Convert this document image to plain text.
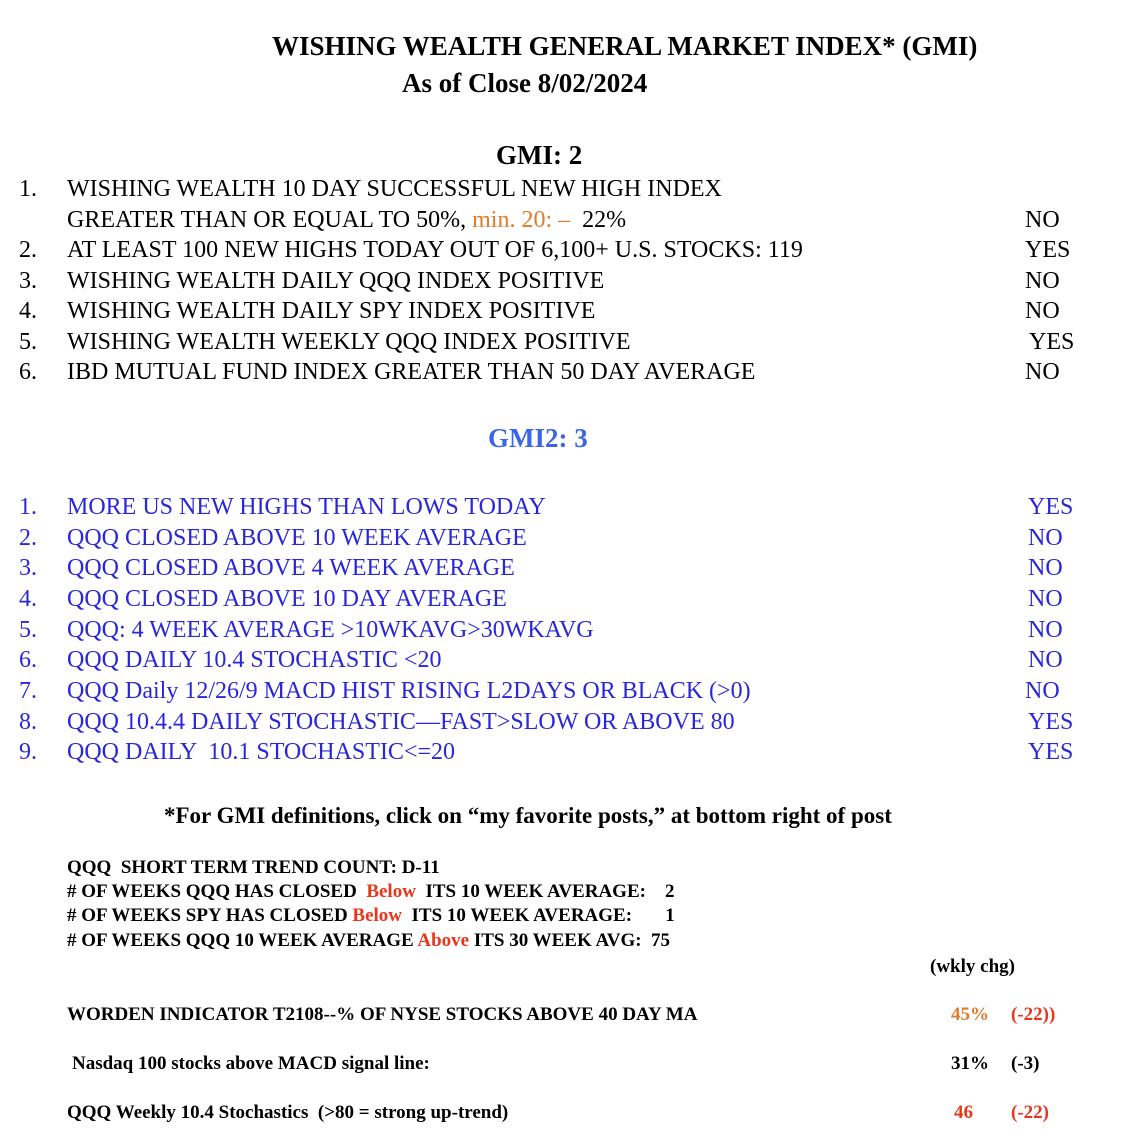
WISHING WEALTH GENERAL MARKET INDEX* (GMI)
As of Close 8/02/2024
GMI: 2
1. WISHING WEALTH 10 DAY SUCCESSFUL NEW HIGH INDEX
GREATER THAN OR EQUAL TO 50%, min. 20: –  22%	NO
2. AT LEAST 100 NEW HIGHS TODAY OUT OF 6,100+ U.S. STOCKS: 119	YES
3. WISHING WEALTH DAILY QQQ INDEX POSITIVE	NO
4. WISHING WEALTH DAILY SPY INDEX POSITIVE	NO
5. WISHING WEALTH WEEKLY QQQ INDEX POSITIVE	YES
6. IBD MUTUAL FUND INDEX GREATER THAN 50 DAY AVERAGE	NO
GMI2: 3
1. MORE US NEW HIGHS THAN LOWS TODAY	YES
2. QQQ CLOSED ABOVE 10 WEEK AVERAGE	NO
3. QQQ CLOSED ABOVE 4 WEEK AVERAGE	NO
4. QQQ CLOSED ABOVE 10 DAY AVERAGE	NO
5. QQQ: 4 WEEK AVERAGE >10WKAVG>30WKAVG	NO
6. QQQ DAILY 10.4 STOCHASTIC <20	NO
7. QQQ Daily 12/26/9 MACD HIST RISING L2DAYS OR BLACK (>0)	NO
8. QQQ 10.4.4 DAILY STOCHASTIC—FAST>SLOW OR ABOVE 80	YES
9. QQQ DAILY  10.1 STOCHASTIC<=20	YES
*For GMI definitions, click on “my favorite posts,” at bottom right of post
QQQ  SHORT TERM TREND COUNT: D-11
# OF WEEKS QQQ HAS CLOSED  Below  ITS 10 WEEK AVERAGE:    2
# OF WEEKS SPY HAS CLOSED Below  ITS 10 WEEK AVERAGE:       1
# OF WEEKS QQQ 10 WEEK AVERAGE Above ITS 30 WEEK AVG:  75
(wkly chg)
WORDEN INDICATOR T2108--% OF NYSE STOCKS ABOVE 40 DAY MA	45% (-22))
Nasdaq 100 stocks above MACD signal line:	31% (-3)
QQQ Weekly 10.4 Stochastics  (>80 = strong up-trend)	46 (-22)
